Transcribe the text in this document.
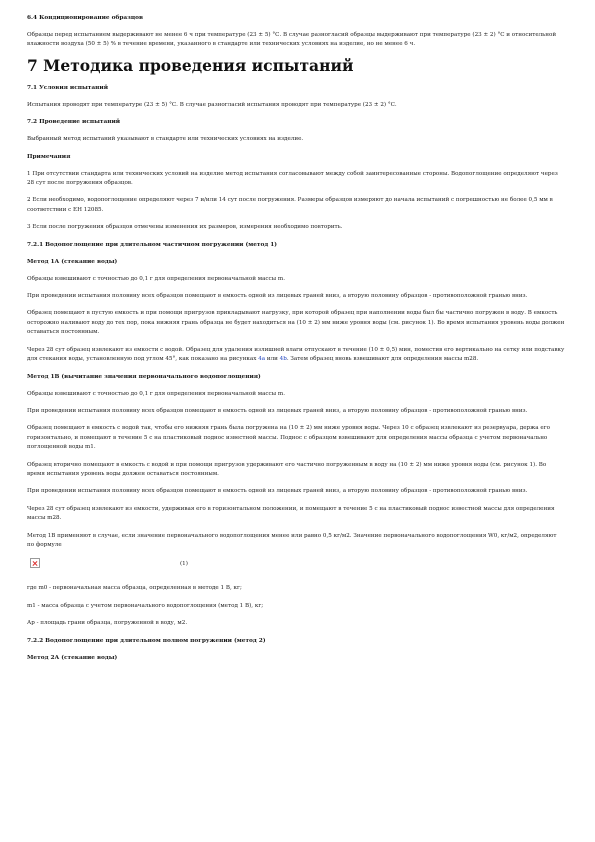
6.4 Кондиционирование образцов
Образцы перед испытанием выдерживают не менее 6 ч при температуре (23 ± 5) °С. В случае разногласий образцы выдерживают при температуре (23 ± 2) °С и относительной влажности воздуха (50 ± 5) % в течение времени, указанного в стандарте или технических условиях на изделие, но не менее 6 ч.
7 Методика проведения испытаний
7.1 Условия испытаний
Испытания проводят при температуре (23 ± 5) °С. В случае разногласий испытания проводят при температуре (23 ± 2) °С.
7.2 Проведение испытаний
Выбранный метод испытаний указывают в стандарте или технических условиях на изделие.
Примечания
1 При отсутствии стандарта или технических условий на изделие метод испытания согласовывают между собой заинтересованные стороны. Водопоглощение определяют через 28 сут после погружения образцов.
2 Если необходимо, водопоглощение определяют через 7 и/или 14 сут после погружения. Размеры образцов измеряют до начала испытаний с погрешностью не более 0,5 мм в соответствии с ЕН 12085.
3 Если после погружения образцов отмечены изменения их размеров, измерения необходимо повторить.
7.2.1 Водопоглощение при длительном частичном погружении (метод 1)
Метод 1А (стекание воды)
Образцы взвешивают с точностью до 0,1 г для определения первоначальной массы m.
При проведении испытания половину всех образцов помещают в емкость одной из лицевых граней вниз, а вторую половину образцов - противоположной гранью вниз.
Образец помещают в пустую емкость и при помощи пригрузов прикладывают нагрузку, при которой образец при наполнении воды был бы частично погружен в воду. В емкость осторожно наливают воду до тех пор, пока нижняя грань образца не будет находиться на (10 ± 2) мм ниже уровня воды (см. рисунок 1). Во время испытания уровень воды должен оставаться постоянным.
Через 28 сут образец извлекают из емкости с водой. Образец для удаления излишней влаги отпускают в течение (10 ± 0,5) мин, поместив его вертикально на сетку или подставку для стекания воды, установленную под углом 45°, как показано на рисунках 4а или 4b. Затем образец вновь взвешивают для определения массы m28.
Метод 1В (вычитание значения первоначального водопоглощения)
Образцы взвешивают с точностью до 0,1 г для определения первоначальной массы m.
При проведении испытания половину всех образцов помещают в емкость одной из лицевых граней вниз, а вторую половину образцов - противоположной гранью вниз.
Образец помещают в емкость с водой так, чтобы его нижняя грань была погружена на (10 ± 2) мм ниже уровня воды. Через 10 с образец извлекают из резервуара, держа его горизонтально, и помещают в течение 5 с на пластиковый поднос известной массы. Поднос с образцом взвешивают для определения массы образца с учетом первоначально поглощенной воды m1.
Образец вторично помещают в емкость с водой и при помощи пригрузов удерживают его частично погруженным в воду на (10 ± 2) мм ниже уровня воды (см. рисунок 1). Во время испытания уровень воды должен оставаться постоянным.
При проведении испытания половину всех образцов помещают в емкость одной из лицевых граней вниз, а вторую половину образцов - противоположной гранью вниз.
Через 28 сут образец извлекают из емкости, удерживая его в горизонтальном положении, и помещают в течение 5 с на пластиковый поднос известной массы для определения массы m28.
Метод 1В применяют в случае, если значение первоначального водопоглощения менее или равно 0,5 кг/м2. Значение первоначального водопоглощения W0, кг/м2, определяют по формуле
(1)
где m0 - первоначальная масса образца, определенная в методе 1 В, кг;
m1 - масса образца с учетом первоначального водопоглощения (метод 1 В), кг;
Ар - площадь грани образца, погруженной в воду, м2.
7.2.2 Водопоглощение при длительном полном погружении (метод 2)
Метод 2А (стекание воды)
